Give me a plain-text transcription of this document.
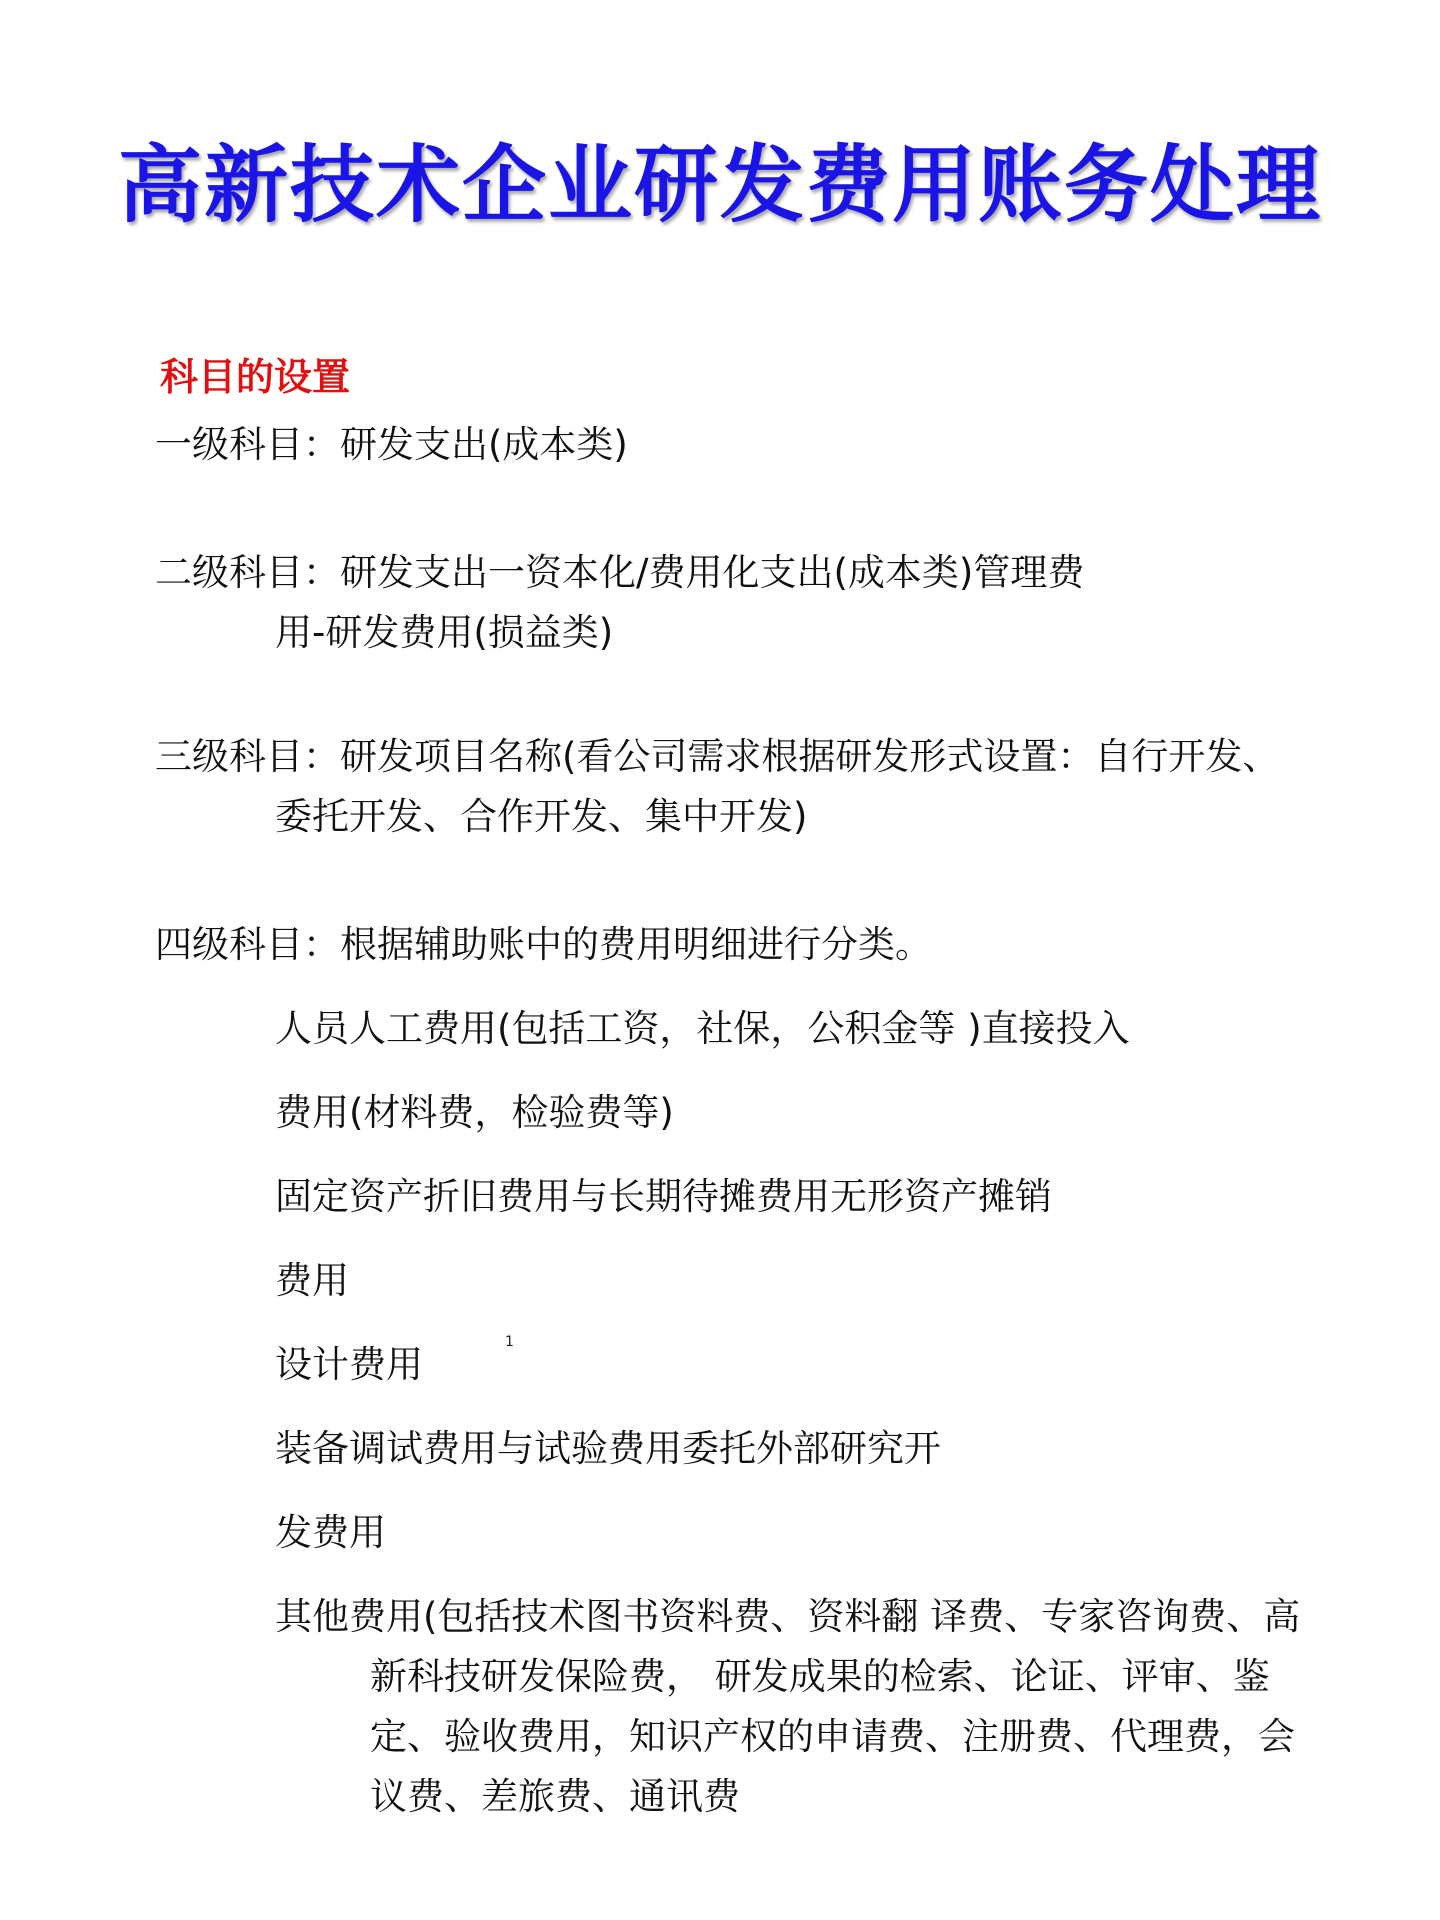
高新技术企业研发费用账务处理
科目的设置
一级科目：研发支出(成本类)
二级科目：研发支出一资本化/费用化支出(成本类)管理费
用-研发费用(损益类)
三级科目：研发项目名称(看公司需求根据研发形式设置：自行开发、
委托开发、合作开发、集中开发)
四级科目：根据辅助账中的费用明细进行分类。
人员人工费用(包括工资，社保，公积金等 )直接投入
费用(材料费，检验费等)
固定资产折旧费用与长期待摊费用无形资产摊销
费用
设计费用
1
装备调试费用与试验费用委托外部研究开
发费用
其他费用(包括技术图书资料费、资料翻 译费、专家咨询费、高
新科技研发保险费， 研发成果的检索、论证、评审、鉴
定、验收费用，知识产权的申请费、注册费、代理费，会
议费、差旅费、通讯费
